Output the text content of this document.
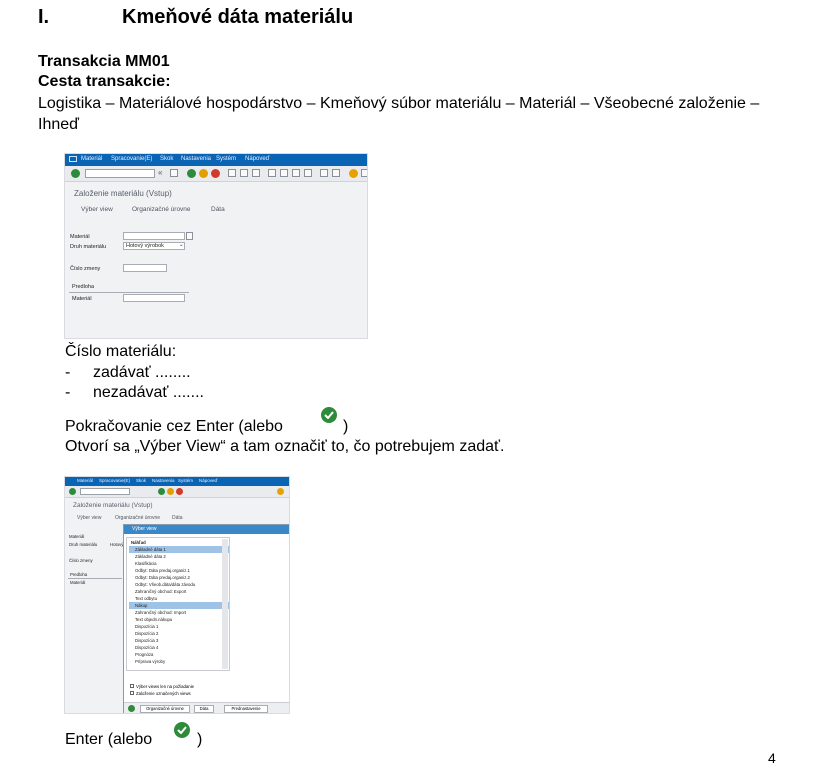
I.	Kmeňové dáta materiálu
Transakcia MM01
Cesta transakcie:
Logistika – Materiálové hospodárstvo – Kmeňový súbor materiálu – Materiál – Všeobecné založenie – Ihneď
Materiál Spracovanie(E) Skok Nastavenia Systém Nápoveď
«
Založenie materiálu (Vstup)
Výber view	Organizačné úrovne	Dáta
Materiál
Druh materiálu	Hotový výrobok	⌄
Číslo zmeny
Predloha
Materiál
Číslo materiálu:
- zadávať ........
- nezadávať .......
Pokračovanie cez Enter (alebo	)
Otvorí sa „Výber View“ a tam označiť to, čo potrebujem zadať.
Materiál Spracovanie(E) Skok Nastavenia Systém Nápoveď
Založenie materiálu (Vstup)
Výber view	Organizačné úrovne Dáta
Materiál
Druh materiálu	Hotový
Číslo zmeny
Predloha
Materiál
Výber view
Náhľad
Základné dáta 1
Základné dáta 2
Klasifikácia
Odbyt: Dáta predaj.organiz.1
Odbyt: Dáta predaj.organiz.2
Odbyt: Všeob.dáta/dáta závodu
Zahraničný obchod: Export
Text odbytu
Nákup
Zahraničný obchod: Import
Text objedn.nákupu
Dispozícia 1
Dispozícia 2
Dispozícia 3
Dispozícia 4
Prognóza
Príprava výroby
Výber views len na požiadanie
Založenie označených views
Organizačné úrovne	Dáta	Prednastavenie
Enter (alebo	)
4
